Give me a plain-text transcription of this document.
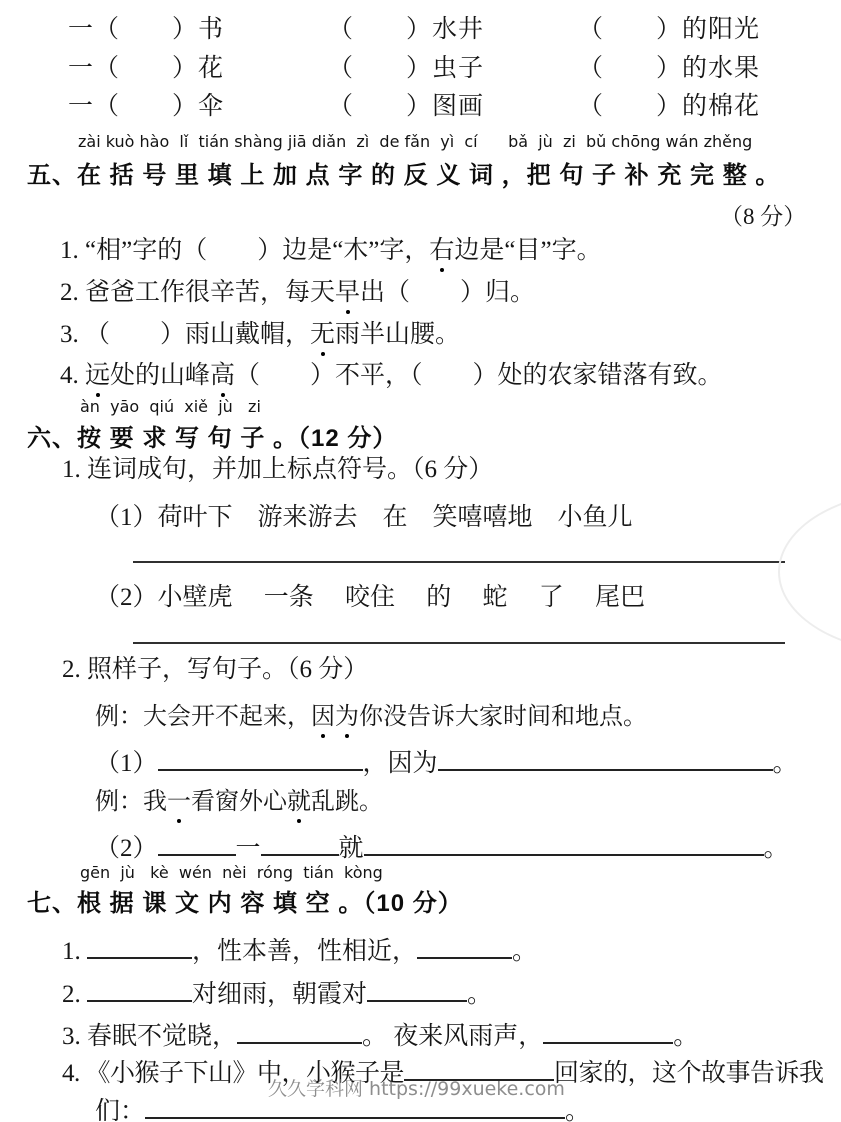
一（　　）书	（　　）水井	（　　）的阳光
一（　　）花	（　　）虫子	（　　）的水果
一（　　）伞	（　　）图画	（　　）的棉花
zài kuò hào  lǐ  tián shàng jiā diǎn  zì  de fǎn  yì  cí      bǎ  jù  zi  bǔ chōng wán zhěng
五、在 括 号 里 填 上 加 点 字 的 反 义 词 ，把 句 子 补 充 完 整 。
（8 分）
1. “相”字的（　　）边是“木”字，右边是“目”字。
2. 爸爸工作很辛苦，每天早出（　　）归。
3. （　　）雨山戴帽，无雨半山腰。
4. 远处的山峰高（　　）不平，（　　）处的农家错落有致。
àn  yāo  qiú  xiě  jù   zi
六、按 要 求 写 句 子 。（12 分）
1. 连词成句，并加上标点符号。（6 分）
（1）荷叶下　游来游去　在　笑嘻嘻地　小鱼儿
（2）小壁虎　 一条　 咬住　 的　 蛇　 了　 尾巴
2. 照样子，写句子。（6 分）
例：大会开不起来，因为你没告诉大家时间和地点。
（1）	，因为	。
例：我一看窗外心就乱跳。
（2）	一	就	。
gēn  jù   kè  wén  nèi  róng  tián  kòng
七、根 据 课 文 内 容 填 空 。（10 分）
1.	，性本善，性相近，	。
2.	对细雨，朝霞对	。
3. 春眠不觉晓，	。 夜来风雨声，	。
4. 《小猴子下山》中，小猴子是	回家的，这个故事告诉我
们：	。
久久学科网 https://99xueke.com
